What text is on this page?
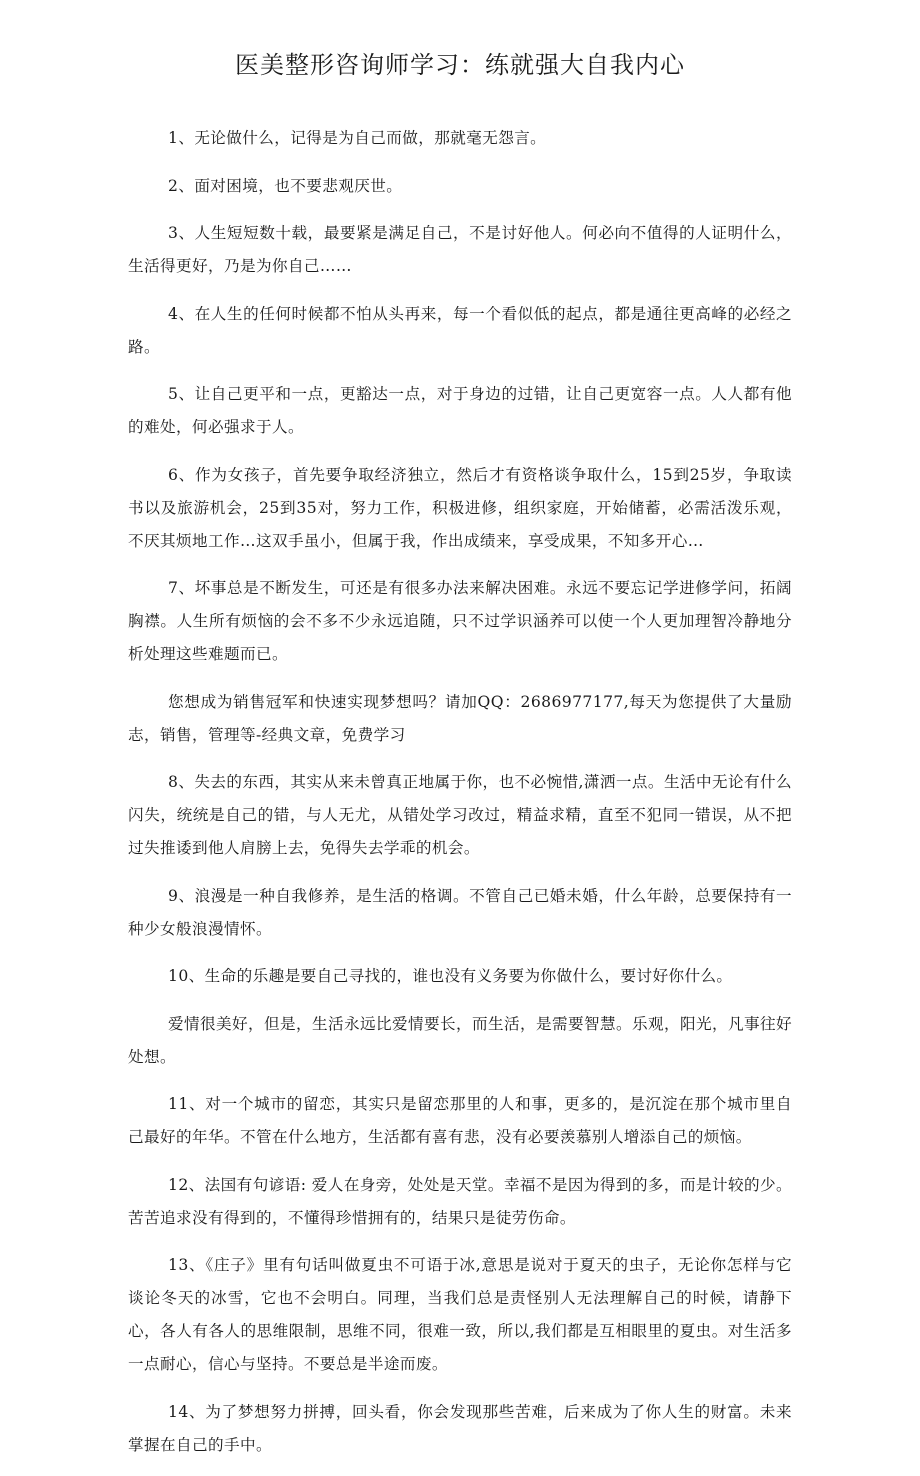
医美整形咨询师学习：练就强大自我内心

1、无论做什么，记得是为自己而做，那就毫无怨言。

2、面对困境，也不要悲观厌世。

3、人生短短数十载，最要紧是满足自己，不是讨好他人。何必向不值得的人证明什么，生活得更好，乃是为你自己……

4、在人生的任何时候都不怕从头再来，每一个看似低的起点，都是通往更高峰的必经之路。

5、让自己更平和一点，更豁达一点，对于身边的过错，让自己更宽容一点。人人都有他的难处，何必强求于人。

6、作为女孩子，首先要争取经济独立，然后才有资格谈争取什么，15到25岁，争取读书以及旅游机会，25到35对，努力工作，积极进修，组织家庭，开始储蓄，必需活泼乐观，不厌其烦地工作…这双手虽小，但属于我，作出成绩来，享受成果，不知多开心…

7、坏事总是不断发生，可还是有很多办法来解决困难。永远不要忘记学进修学问，拓阔胸襟。人生所有烦恼的会不多不少永远追随，只不过学识涵养可以使一个人更加理智冷静地分析处理这些难题而已。

您想成为销售冠军和快速实现梦想吗？请加QQ：2686977177,每天为您提供了大量励志，销售，管理等-经典文章，免费学习

8、失去的东西，其实从来未曾真正地属于你，也不必惋惜,潇洒一点。生活中无论有什么闪失，统统是自己的错，与人无尤，从错处学习改过，精益求精，直至不犯同一错误，从不把过失推诿到他人肩膀上去，免得失去学乖的机会。

9、浪漫是一种自我修养，是生活的格调。不管自己已婚未婚，什么年龄，总要保持有一种少女般浪漫情怀。

10、生命的乐趣是要自己寻找的，谁也没有义务要为你做什么，要讨好你什么。

爱情很美好，但是，生活永远比爱情要长，而生活，是需要智慧。乐观，阳光，凡事往好处想。

11、对一个城市的留恋，其实只是留恋那里的人和事，更多的，是沉淀在那个城市里自己最好的年华。不管在什么地方，生活都有喜有悲，没有必要羡慕别人增添自己的烦恼。

12、法国有句谚语: 爱人在身旁，处处是天堂。幸福不是因为得到的多，而是计较的少。苦苦追求没有得到的，不懂得珍惜拥有的，结果只是徒劳伤命。

13、《庄子》里有句话叫做夏虫不可语于冰,意思是说对于夏天的虫子，无论你怎样与它谈论冬天的冰雪，它也不会明白。同理，当我们总是责怪别人无法理解自己的时候，请静下心，各人有各人的思维限制，思维不同，很难一致，所以,我们都是互相眼里的夏虫。对生活多一点耐心，信心与坚持。不要总是半途而废。

14、为了梦想努力拼搏，回头看，你会发现那些苦难，后来成为了你人生的财富。未来掌握在自己的手中。
